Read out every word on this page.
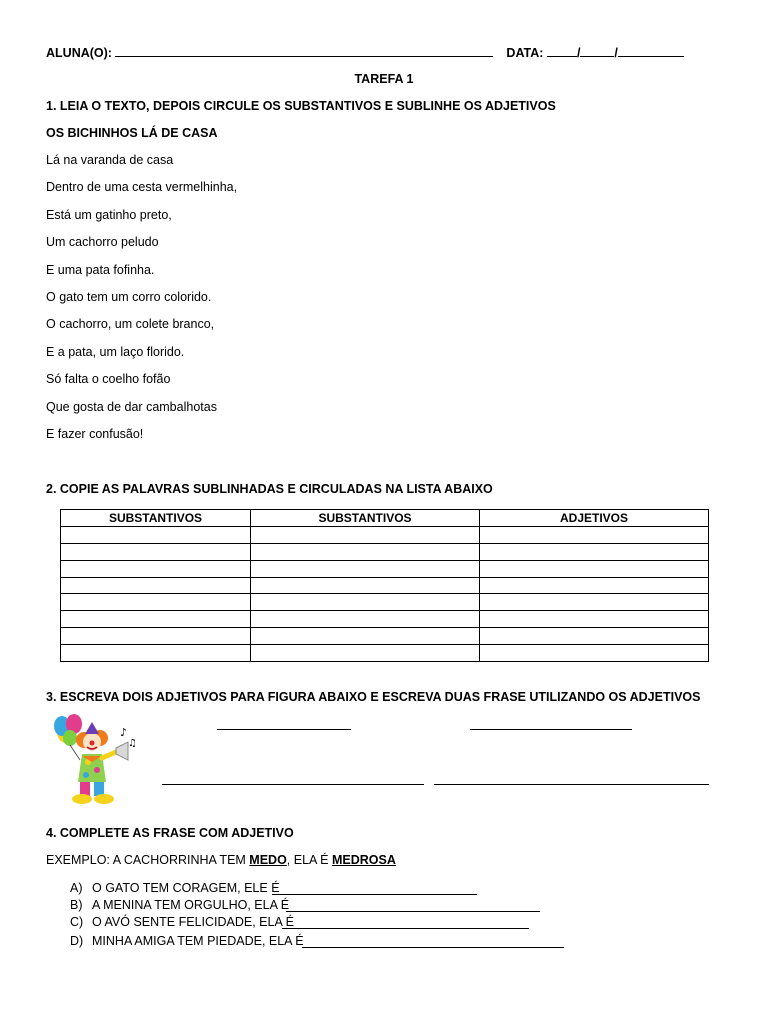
ALUNA(O):	DATA:	/	/
TAREFA 1
1. LEIA O TEXTO, DEPOIS CIRCULE OS SUBSTANTIVOS E SUBLINHE OS ADJETIVOS
OS BICHINHOS LÁ DE CASA
Lá na varanda de casa
Dentro de uma cesta vermelhinha,
Está um gatinho preto,
Um cachorro peludo
E uma pata fofinha.
O gato tem um corro colorido.
O cachorro, um colete branco,
E a pata, um laço florido.
Só falta o coelho fofão
Que gosta de dar cambalhotas
E fazer confusão!
2. COPIE AS PALAVRAS SUBLINHADAS E CIRCULADAS NA LISTA ABAIXO
SUBSTANTIVOS	SUBSTANTIVOS	ADJETIVOS

3. ESCREVA DOIS ADJETIVOS PARA FIGURA ABAIXO E ESCREVA DUAS FRASE UTILIZANDO OS ADJETIVOS
♪
♫
4. COMPLETE AS FRASE COM ADJETIVO
EXEMPLO: A CACHORRINHA TEM MEDO, ELA É MEDROSA
A) O GATO TEM CORAGEM, ELE É
B) A MENINA TEM ORGULHO, ELA É
C) O AVÓ SENTE FELICIDADE, ELA É
D) MINHA AMIGA TEM PIEDADE, ELA É
